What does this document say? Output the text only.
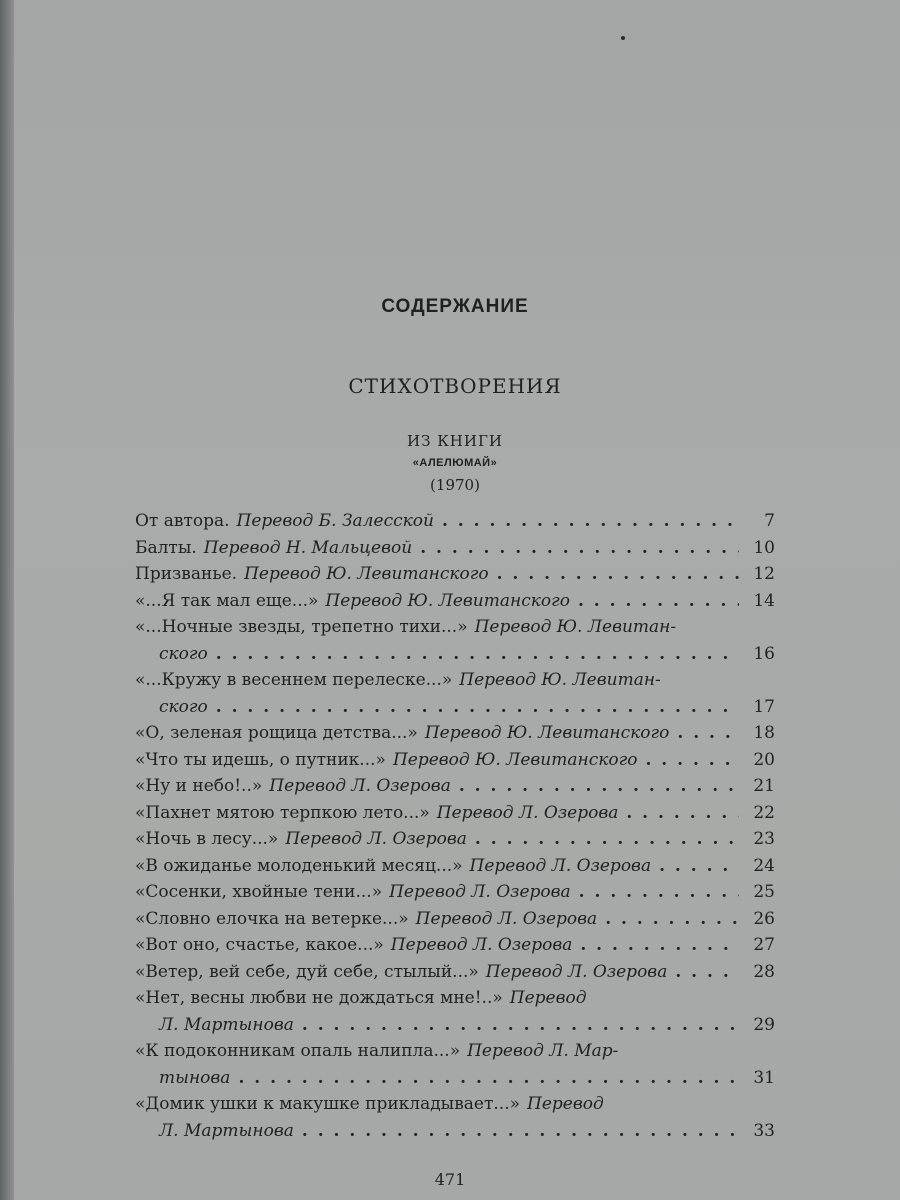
СОДЕРЖАНИЕ
СТИХОТВОРЕНИЯ
ИЗ КНИГИ
«АЛЕЛЮМАЙ»
(1970)
От автора. Перевод Б. Залесской . . .	7
Балты. Перевод Н. Мальцевой . . .	10
Призванье. Перевод Ю. Левитанского . . .	12
«...Я так мал еще...» Перевод Ю. Левитанского . . .	14
«...Ночные звезды, трепетно тихи...» Перевод Ю. Левитан-
ского . . .	16
«...Кружу в весеннем перелеске...» Перевод Ю. Левитан-
ского . . .	17
«О, зеленая рощица детства...» Перевод Ю. Левитанского . . .	18
«Что ты идешь, о путник...» Перевод Ю. Левитанского . . .	20
«Ну и небо!..» Перевод Л. Озерова . . .	21
«Пахнет мятою терпкою лето...» Перевод Л. Озерова . . .	22
«Ночь в лесу...» Перевод Л. Озерова . . .	23
«В ожиданье молоденький месяц...» Перевод Л. Озерова . . .	24
«Сосенки, хвойные тени...» Перевод Л. Озерова . . .	25
«Словно елочка на ветерке...» Перевод Л. Озерова . . .	26
«Вот оно, счастье, какое...» Перевод Л. Озерова . . .	27
«Ветер, вей себе, дуй себе, стылый...» Перевод Л. Озерова . . .	28
«Нет, весны любви не дождаться мне!..» Перевод
Л. Мартынова . . .	29
«К подоконникам опаль налипла...» Перевод Л. Мар-
тынова . . .	31
«Домик ушки к макушке прикладывает...» Перевод
Л. Мартынова . . .	33
471
